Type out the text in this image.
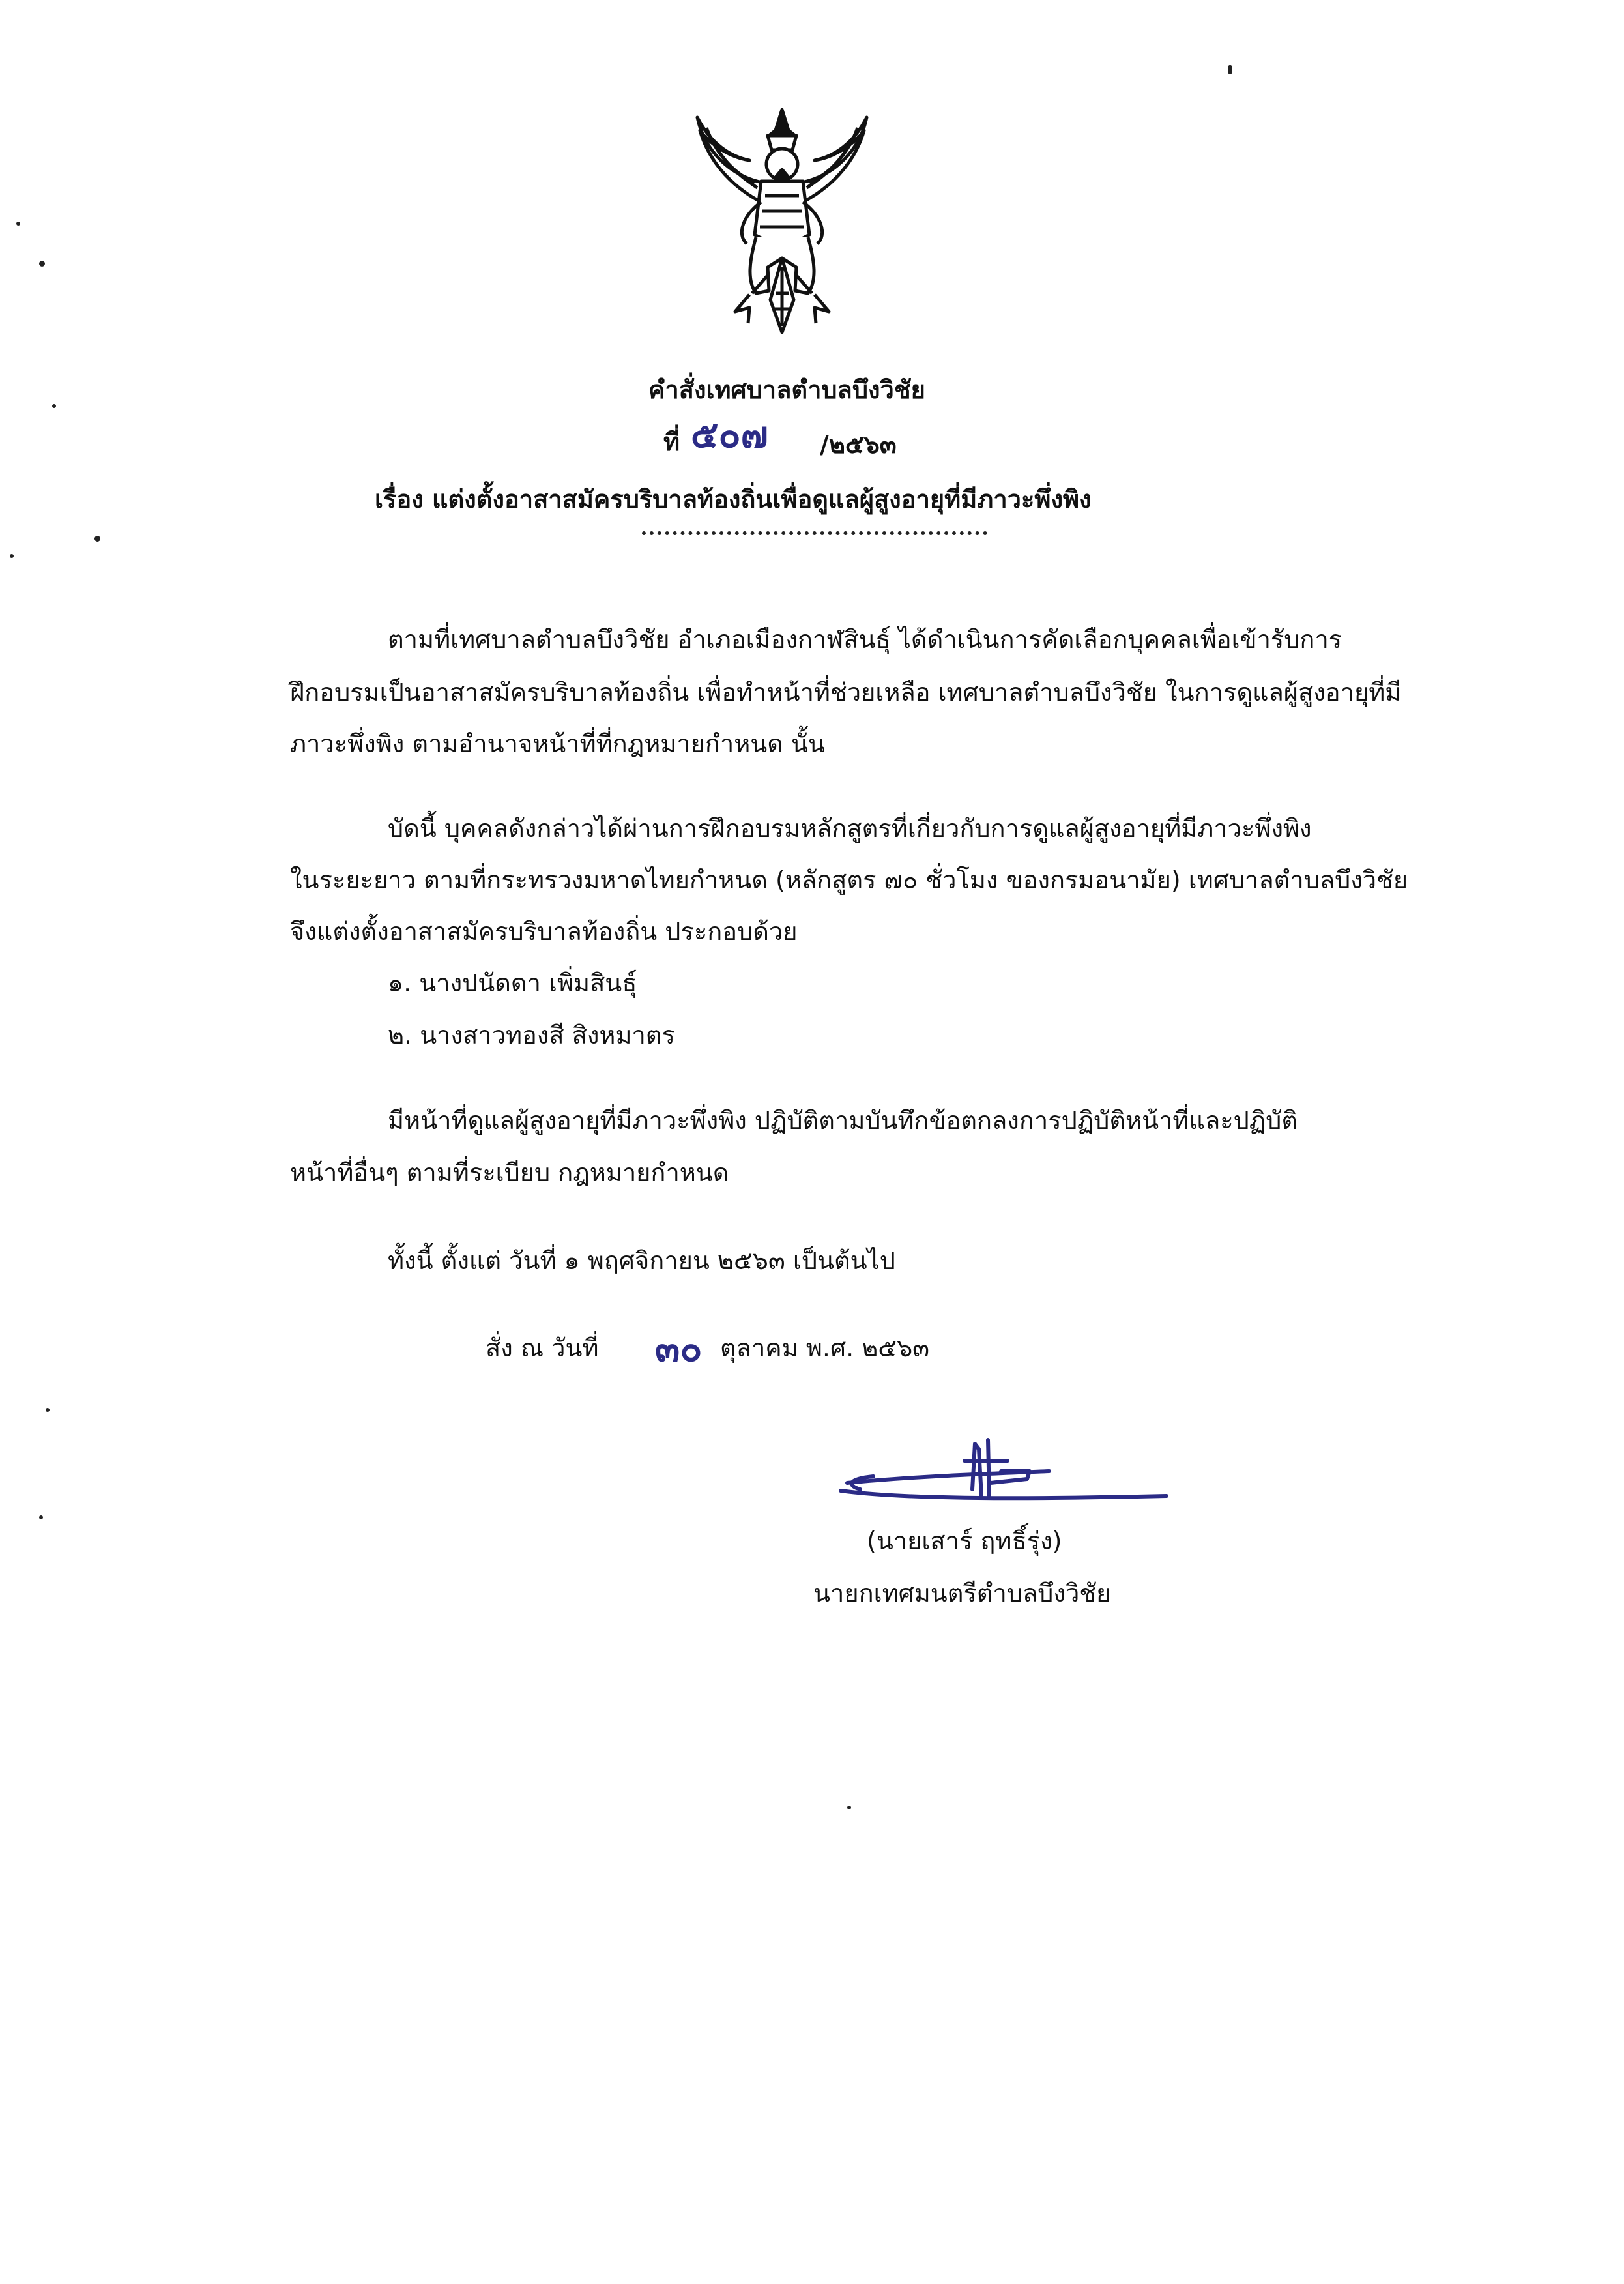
คำสั่งเทศบาลตำบลบึงวิชัย
ที่ ๕๐๗ /๒๕๖๓
เรื่อง แต่งตั้งอาสาสมัครบริบาลท้องถิ่นเพื่อดูแลผู้สูงอายุที่มีภาวะพึ่งพิง
ตามที่เทศบาลตำบลบึงวิชัย อำเภอเมืองกาฬสินธุ์ ได้ดำเนินการคัดเลือกบุคคลเพื่อเข้ารับการ
ฝึกอบรมเป็นอาสาสมัครบริบาลท้องถิ่น เพื่อทำหน้าที่ช่วยเหลือ เทศบาลตำบลบึงวิชัย ในการดูแลผู้สูงอายุที่มี
ภาวะพึ่งพิง ตามอำนาจหน้าที่ที่กฎหมายกำหนด นั้น
บัดนี้ บุคคลดังกล่าวได้ผ่านการฝึกอบรมหลักสูตรที่เกี่ยวกับการดูแลผู้สูงอายุที่มีภาวะพึ่งพิง
ในระยะยาว ตามที่กระทรวงมหาดไทยกำหนด (หลักสูตร ๗๐ ชั่วโมง ของกรมอนามัย) เทศบาลตำบลบึงวิชัย
จึงแต่งตั้งอาสาสมัครบริบาลท้องถิ่น ประกอบด้วย
๑. นางปนัดดา เพิ่มสินธุ์
๒. นางสาวทองสี สิงหมาตร
มีหน้าที่ดูแลผู้สูงอายุที่มีภาวะพึ่งพิง ปฏิบัติตามบันทึกข้อตกลงการปฏิบัติหน้าที่และปฏิบัติ
หน้าที่อื่นๆ ตามที่ระเบียบ กฎหมายกำหนด
ทั้งนี้ ตั้งแต่ วันที่ ๑ พฤศจิกายน ๒๕๖๓ เป็นต้นไป
สั่ง ณ วันที่ ๓๐ ตุลาคม พ.ศ. ๒๕๖๓
(นายเสาร์ ฤทธิ์รุ่ง)
นายกเทศมนตรีตำบลบึงวิชัย
